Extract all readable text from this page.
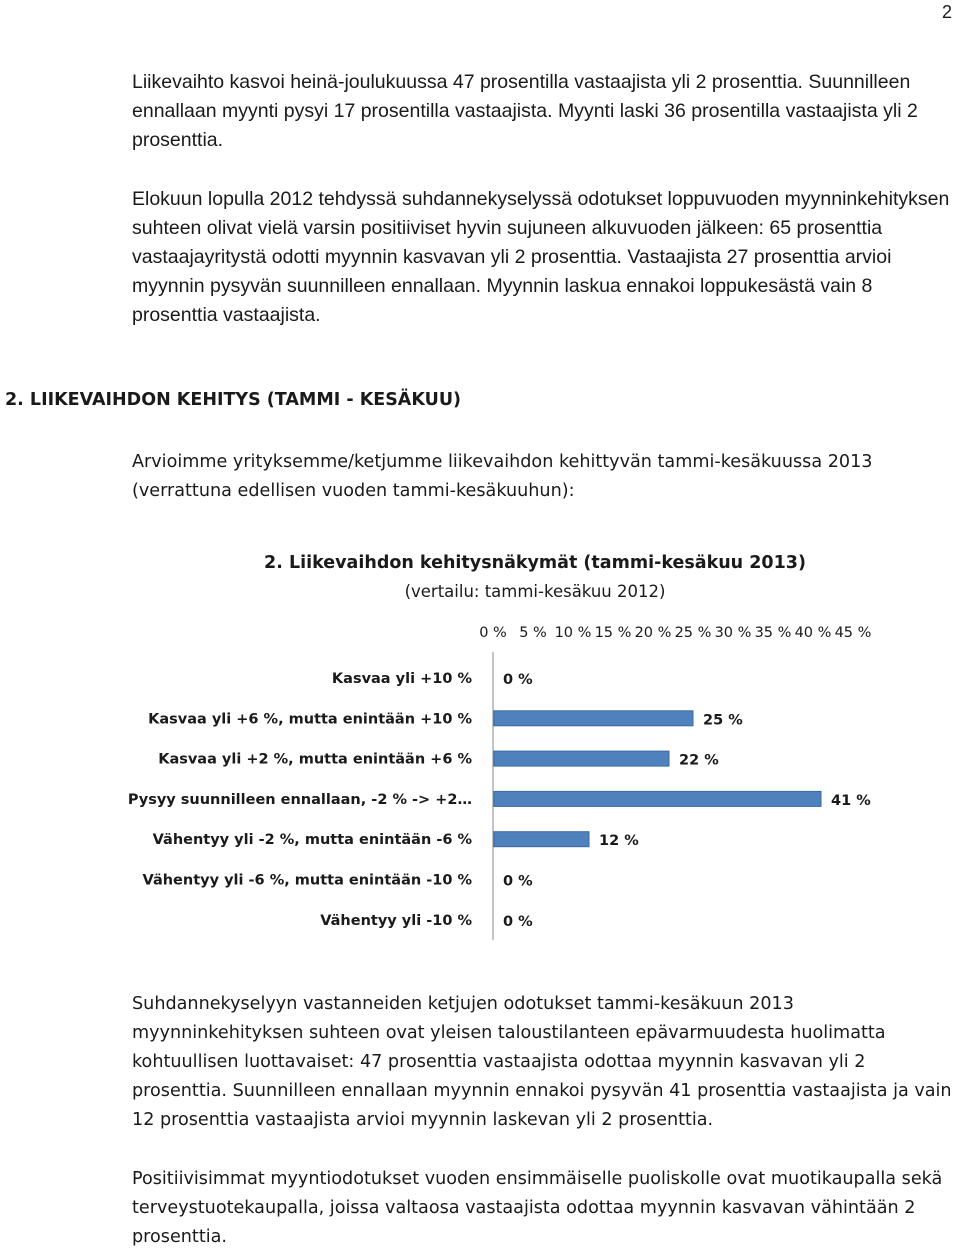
2

Liikevaihto kasvoi heinä-joulukuussa 47 prosentilla vastaajista yli 2 prosenttia. Suunnilleen ennallaan myynti pysyi 17 prosentilla vastaajista. Myynti laski 36 prosentilla vastaajista yli 2 prosenttia.

Elokuun lopulla 2012 tehdyssä suhdannekyselyssä odotukset loppuvuoden myynninkehityksen suhteen olivat vielä varsin positiiviset hyvin sujuneen alkuvuoden jälkeen: 65 prosenttia vastaajayritystä odotti myynnin kasvavan yli 2 prosenttia. Vastaajista 27 prosenttia arvioi myynnin pysyvän suunnilleen ennallaan. Myynnin laskua ennakoi loppukesästä vain 8 prosenttia vastaajista.

2. LIIKEVAIHDON KEHITYS (TAMMI - KESÄKUU)

Arvioimme yrityksemme/ketjumme liikevaihdon kehittyvän tammi-kesäkuussa 2013 (verrattuna edellisen vuoden tammi-kesäkuuhun):

2. Liikevaihdon kehitysnäkymät (tammi-kesäkuu 2013)
(vertailu: tammi-kesäkuu 2012)
0 % 5 % 10 % 15 % 20 % 25 % 30 % 35 % 40 % 45 %
Kasvaa yli +10 % 0 %
Kasvaa yli +6 %, mutta enintään +10 %	25 %
Kasvaa yli +2 %, mutta enintään +6 %	22 %
Pysyy suunnilleen ennallaan, -2 % -> +2…	41 %
Vähentyy yli -2 %, mutta enintään -6 %	12 %
Vähentyy yli -6 %, mutta enintään -10 % 0 %
Vähentyy yli -10 % 0 %

Suhdannekyselyyn vastanneiden ketjujen odotukset tammi-kesäkuun 2013 myynninkehityksen suhteen ovat yleisen taloustilanteen epävarmuudesta huolimatta kohtuullisen luottavaiset: 47 prosenttia vastaajista odottaa myynnin kasvavan yli 2 prosenttia. Suunnilleen ennallaan myynnin ennakoi pysyvän 41 prosenttia vastaajista ja vain 12 prosenttia vastaajista arvioi myynnin laskevan yli 2 prosenttia.

Positiivisimmat myyntiodotukset vuoden ensimmäiselle puoliskolle ovat muotikaupalla sekä terveystuotekaupalla, joissa valtaosa vastaajista odottaa myynnin kasvavan vähintään 2 prosenttia.
